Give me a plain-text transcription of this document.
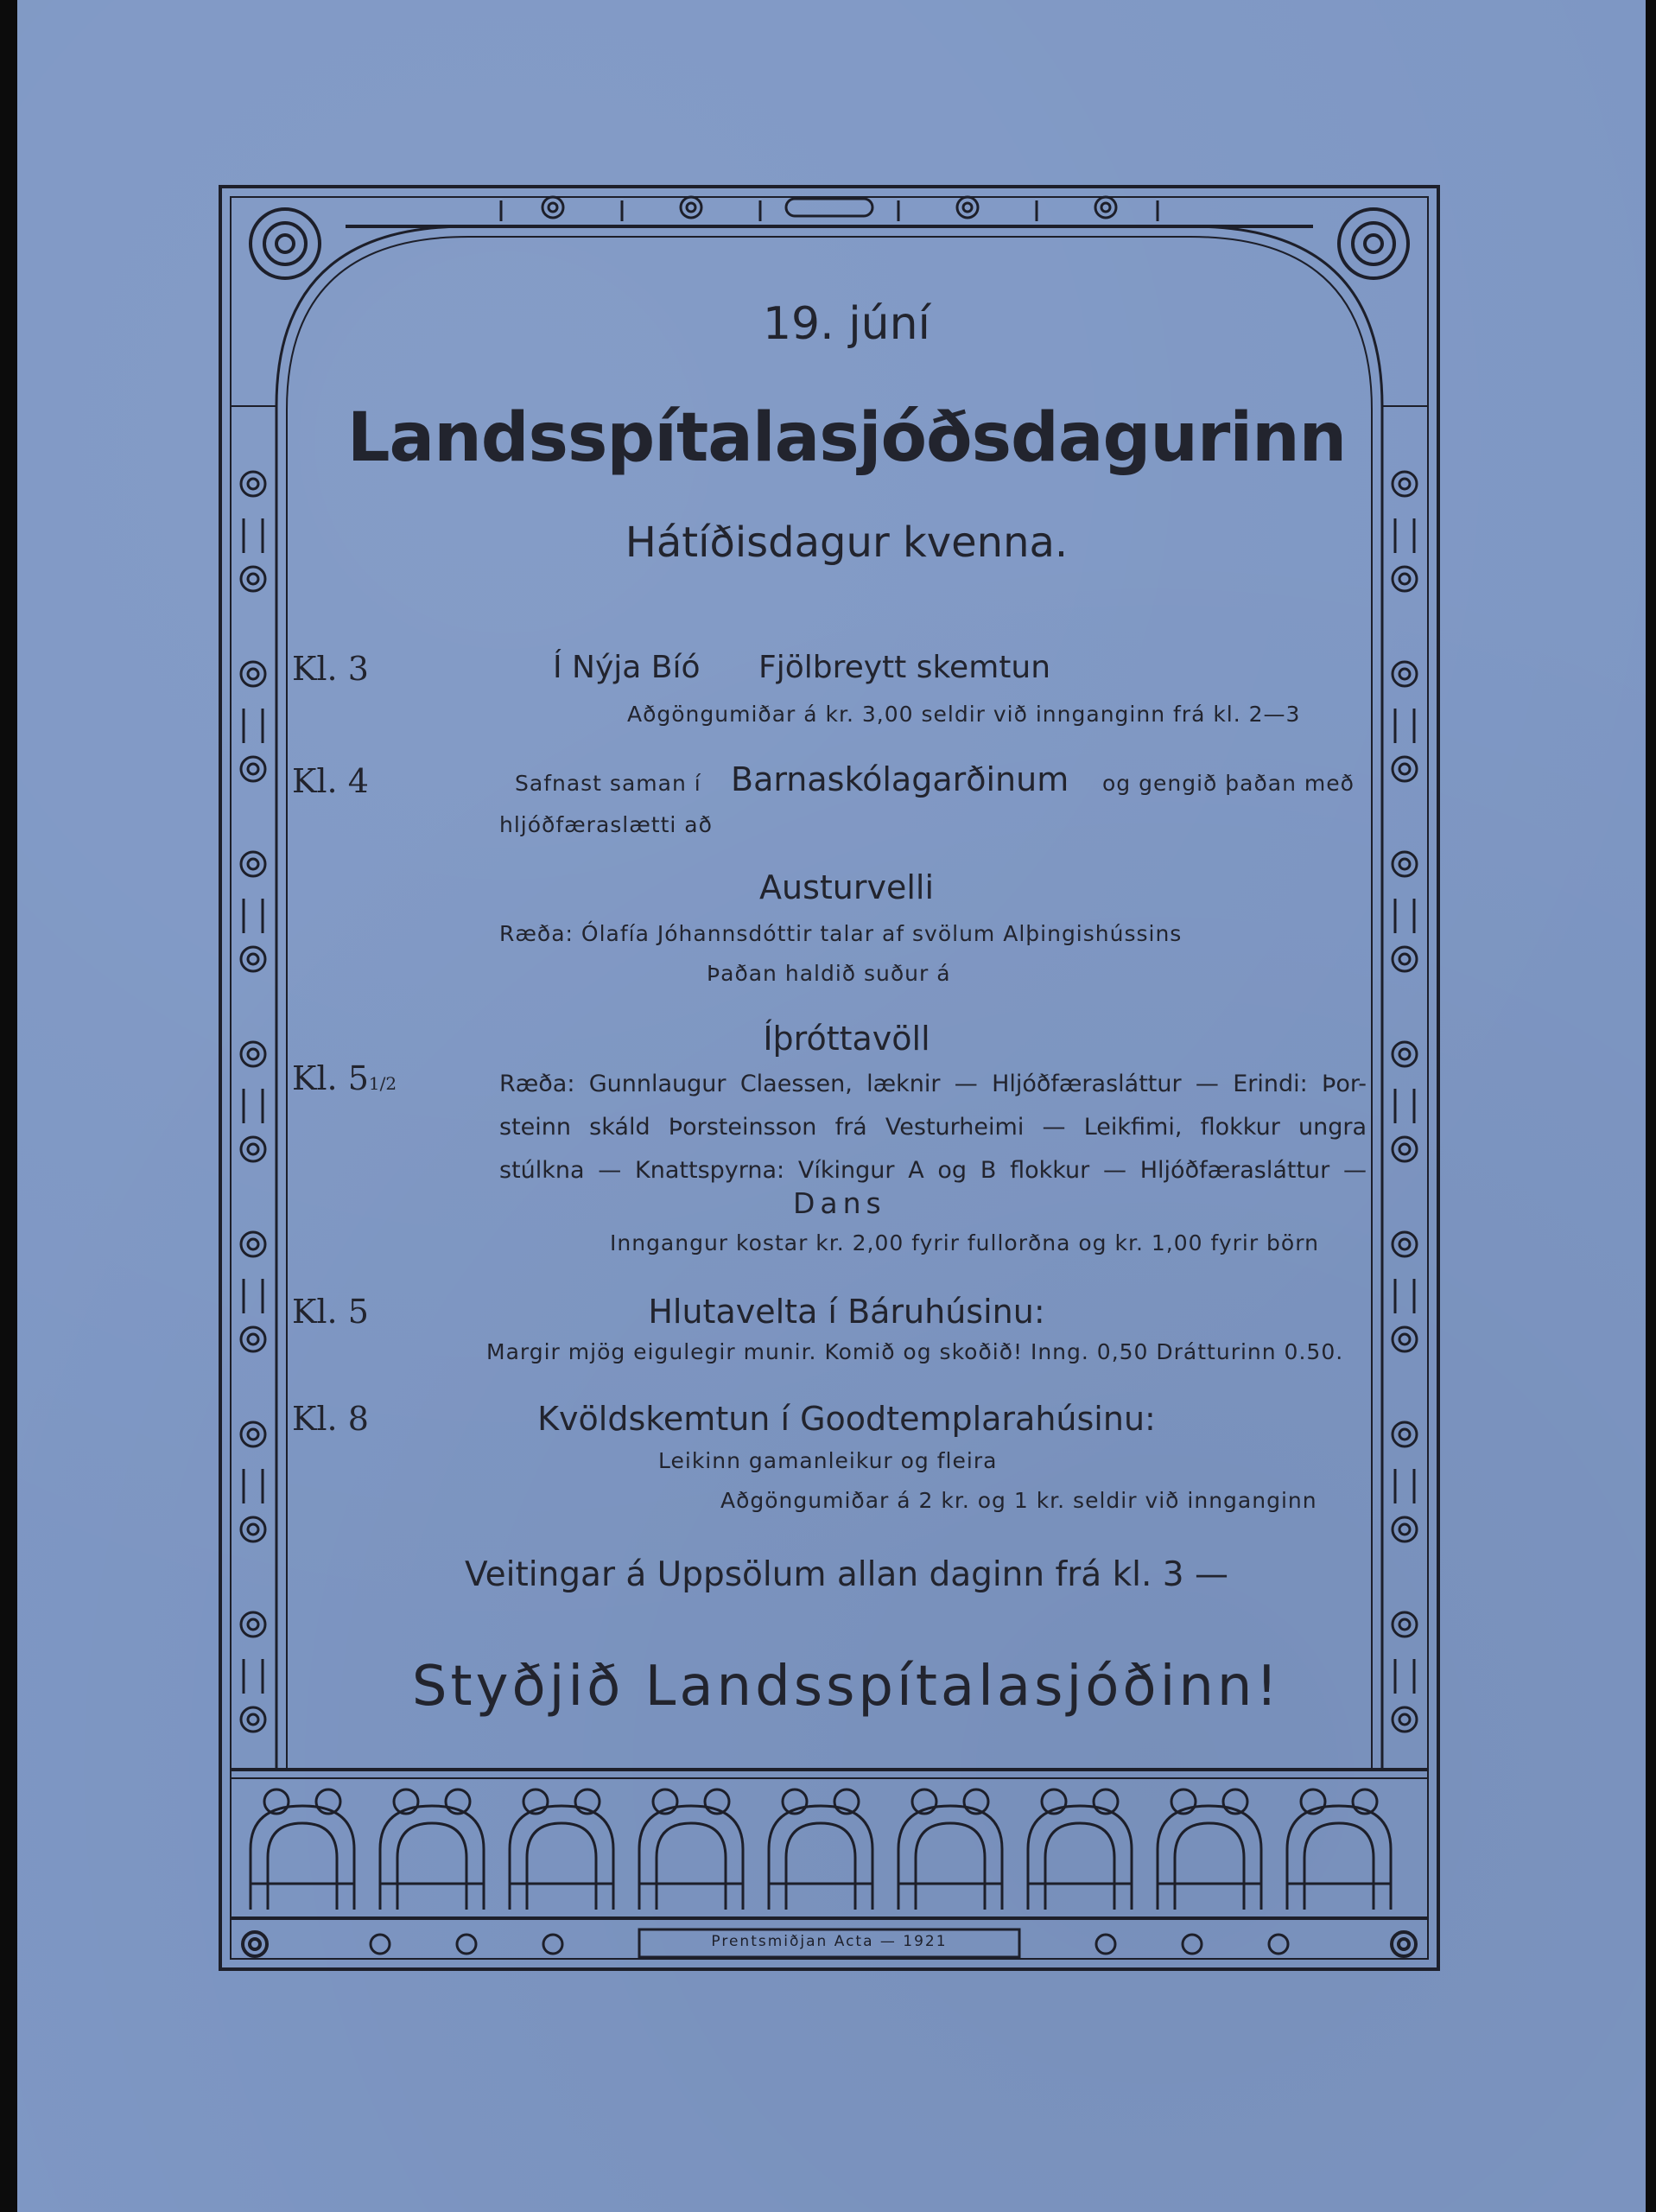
19. júní
Landsspítalasjóðsdagurinn
Hátíðisdagur kvenna.
Kl. 3	Í Nýja Bíó Fjölbreytt skemtun
Aðgöngumiðar á kr. 3,00 seldir við innganginn frá kl. 2—3
Kl. 4	Safnast saman í Barnaskólagarðinum og gengið þaðan með
hljóðfæraslætti að
Austurvelli
Ræða: Ólafía Jóhannsdóttir talar af svölum Alþingishússins
Þaðan haldið suður á
Íþróttavöll
Kl. 51/2	Ræða: Gunnlaugur Claessen, læknir — Hljóðfærasláttur — Erindi: Þor-
steinn skáld Þorsteinsson frá Vesturheimi — Leikfimi, flokkur ungra
stúlkna — Knattspyrna: Víkingur A og B flokkur — Hljóðfærasláttur —
Dans
Inngangur kostar kr. 2,00 fyrir fullorðna og kr. 1,00 fyrir börn
Kl. 5	Hlutavelta í Báruhúsinu:
Margir mjög eigulegir munir. Komið og skoðið! Inng. 0,50 Drátturinn 0.50.
Kl. 8	Kvöldskemtun í Goodtemplarahúsinu:
Leikinn gamanleikur og fleira
Aðgöngumiðar á 2 kr. og 1 kr. seldir við innganginn
Veitingar á Uppsölum allan daginn frá kl. 3 —
Styðjið Landsspítalasjóðinn!
Prentsmiðjan Acta — 1921
